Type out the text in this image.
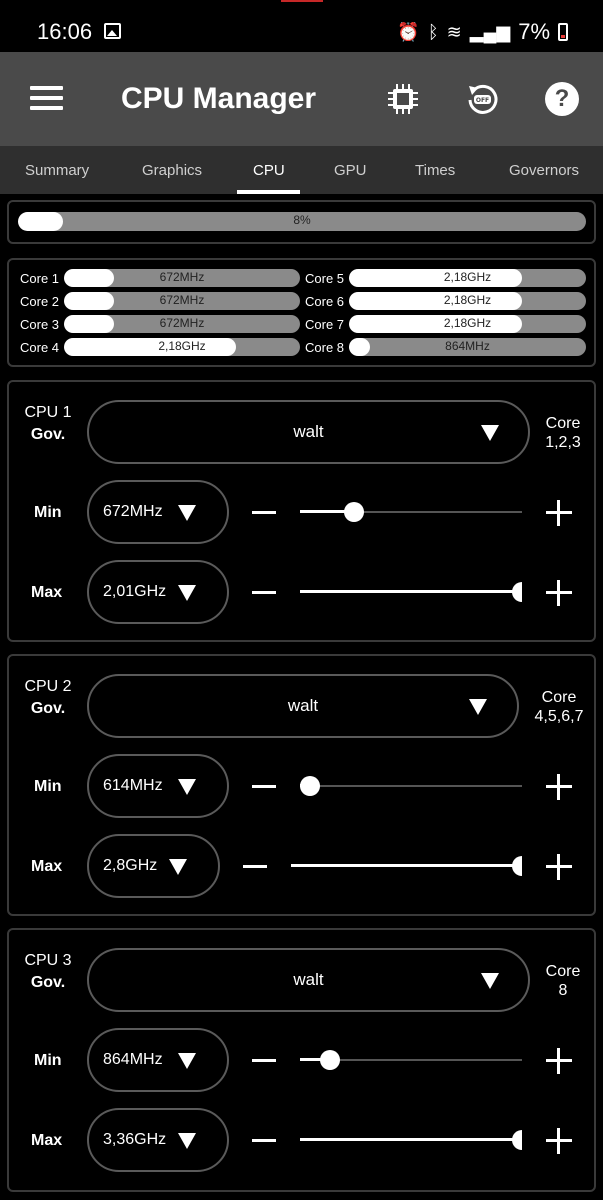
16:06	⏰ ᛒ ≋ ▂▄▆ 7%
CPU Manager	OFF	?
Summary	Graphics	CPU	GPU	Times	Governors
8%
Core 1	672MHz
Core 2	672MHz
Core 3	672MHz
Core 4	2,18GHz
Core 5	2,18GHz
Core 6	2,18GHz
Core 7	2,18GHz
Core 8	864MHz
CPU 1
Gov.	walt	Core
1,2,3
Min	672MHz
Max	2,01GHz
CPU 2
Gov.	walt	Core
4,5,6,7
Min	614MHz
Max	2,8GHz
CPU 3
Gov.	walt	Core
8
Min	864MHz
Max	3,36GHz
